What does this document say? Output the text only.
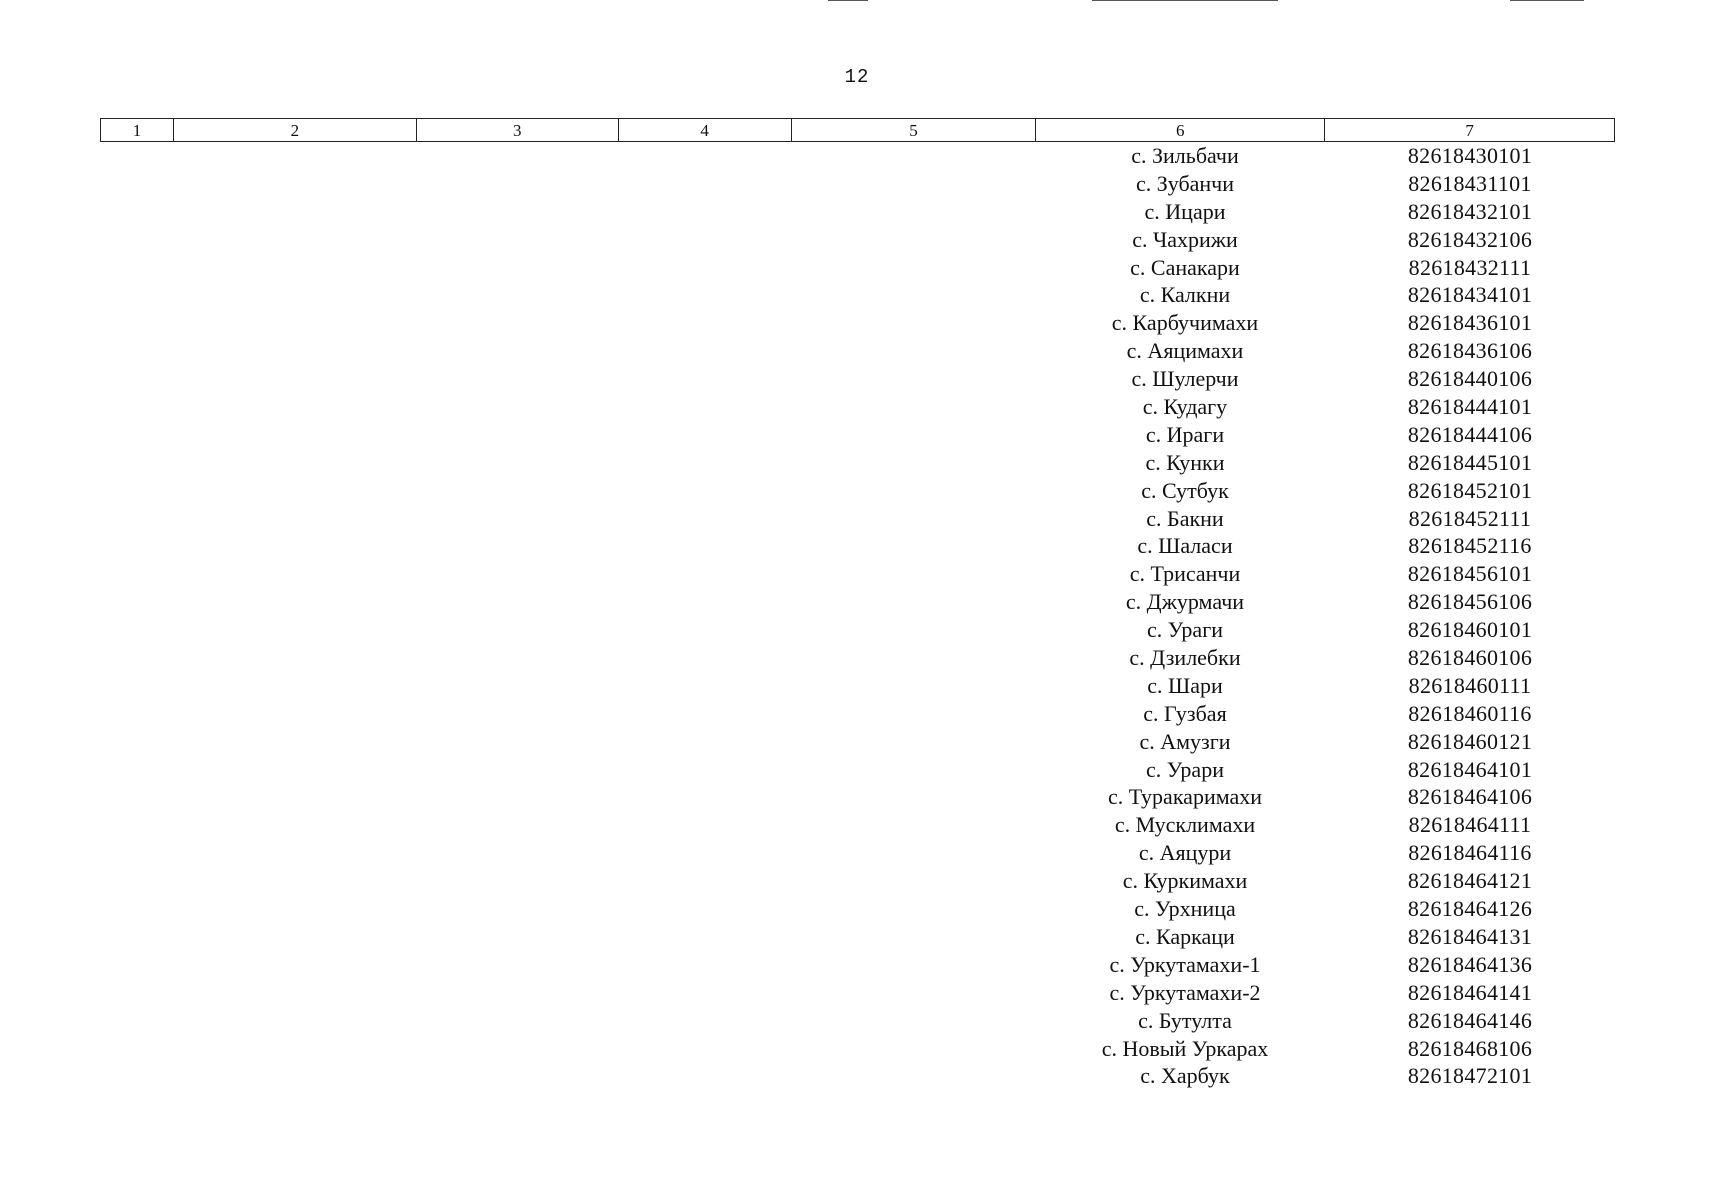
12
1	2	3	4	5	6	7
с. Зильбачи	82618430101
с. Зубанчи	82618431101
с. Ицари	82618432101
с. Чахрижи	82618432106
с. Санакари	82618432111
с. Калкни	82618434101
с. Карбучимахи	82618436101
с. Аяцимахи	82618436106
с. Шулерчи	82618440106
с. Кудагу	82618444101
с. Ираги	82618444106
с. Кунки	82618445101
с. Сутбук	82618452101
с. Бакни	82618452111
с. Шаласи	82618452116
с. Трисанчи	82618456101
с. Джурмачи	82618456106
с. Ураги	82618460101
с. Дзилебки	82618460106
с. Шари	82618460111
с. Гузбая	82618460116
с. Амузги	82618460121
с. Урари	82618464101
с. Туракаримахи	82618464106
с. Мусклимахи	82618464111
с. Аяцури	82618464116
с. Куркимахи	82618464121
с. Урхница	82618464126
с. Каркаци	82618464131
с. Уркутамахи-1	82618464136
с. Уркутамахи-2	82618464141
с. Бутулта	82618464146
с. Новый Уркарах	82618468106
с. Харбук	82618472101
